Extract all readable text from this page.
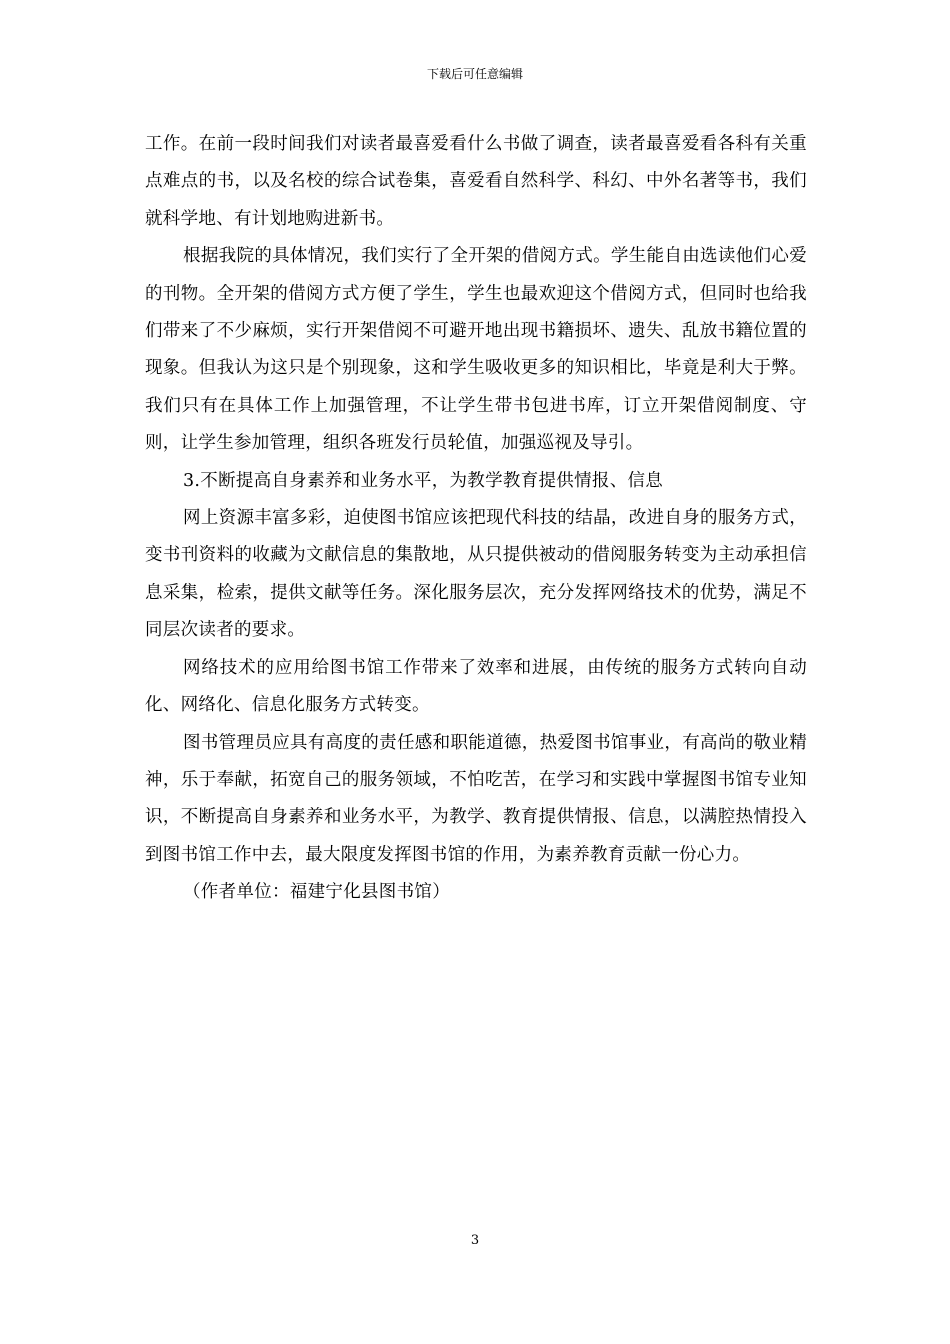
下载后可任意编辑

工作。在前一段时间我们对读者最喜爱看什么书做了调查，读者最喜爱看各科有关重点难点的书，以及名校的综合试卷集，喜爱看自然科学、科幻、中外名著等书，我们就科学地、有计划地购进新书。

根据我院的具体情况，我们实行了全开架的借阅方式。学生能自由选读他们心爱的刊物。全开架的借阅方式方便了学生，学生也最欢迎这个借阅方式，但同时也给我们带来了不少麻烦，实行开架借阅不可避开地出现书籍损坏、遗失、乱放书籍位置的现象。但我认为这只是个别现象，这和学生吸收更多的知识相比，毕竟是利大于弊。我们只有在具体工作上加强管理，不让学生带书包进书库，订立开架借阅制度、守则，让学生参加管理，组织各班发行员轮值，加强巡视及导引。

3.不断提高自身素养和业务水平，为教学教育提供情报、信息

网上资源丰富多彩，迫使图书馆应该把现代科技的结晶，改进自身的服务方式，变书刊资料的收藏为文献信息的集散地，从只提供被动的借阅服务转变为主动承担信息采集，检索，提供文献等任务。深化服务层次，充分发挥网络技术的优势，满足不同层次读者的要求。

网络技术的应用给图书馆工作带来了效率和进展，由传统的服务方式转向自动化、网络化、信息化服务方式转变。

图书管理员应具有高度的责任感和职能道德，热爱图书馆事业，有高尚的敬业精神，乐于奉献，拓宽自己的服务领域，不怕吃苦，在学习和实践中掌握图书馆专业知识，不断提高自身素养和业务水平，为教学、教育提供情报、信息，以满腔热情投入到图书馆工作中去，最大限度发挥图书馆的作用，为素养教育贡献一份心力。

（作者单位：福建宁化县图书馆）

3
